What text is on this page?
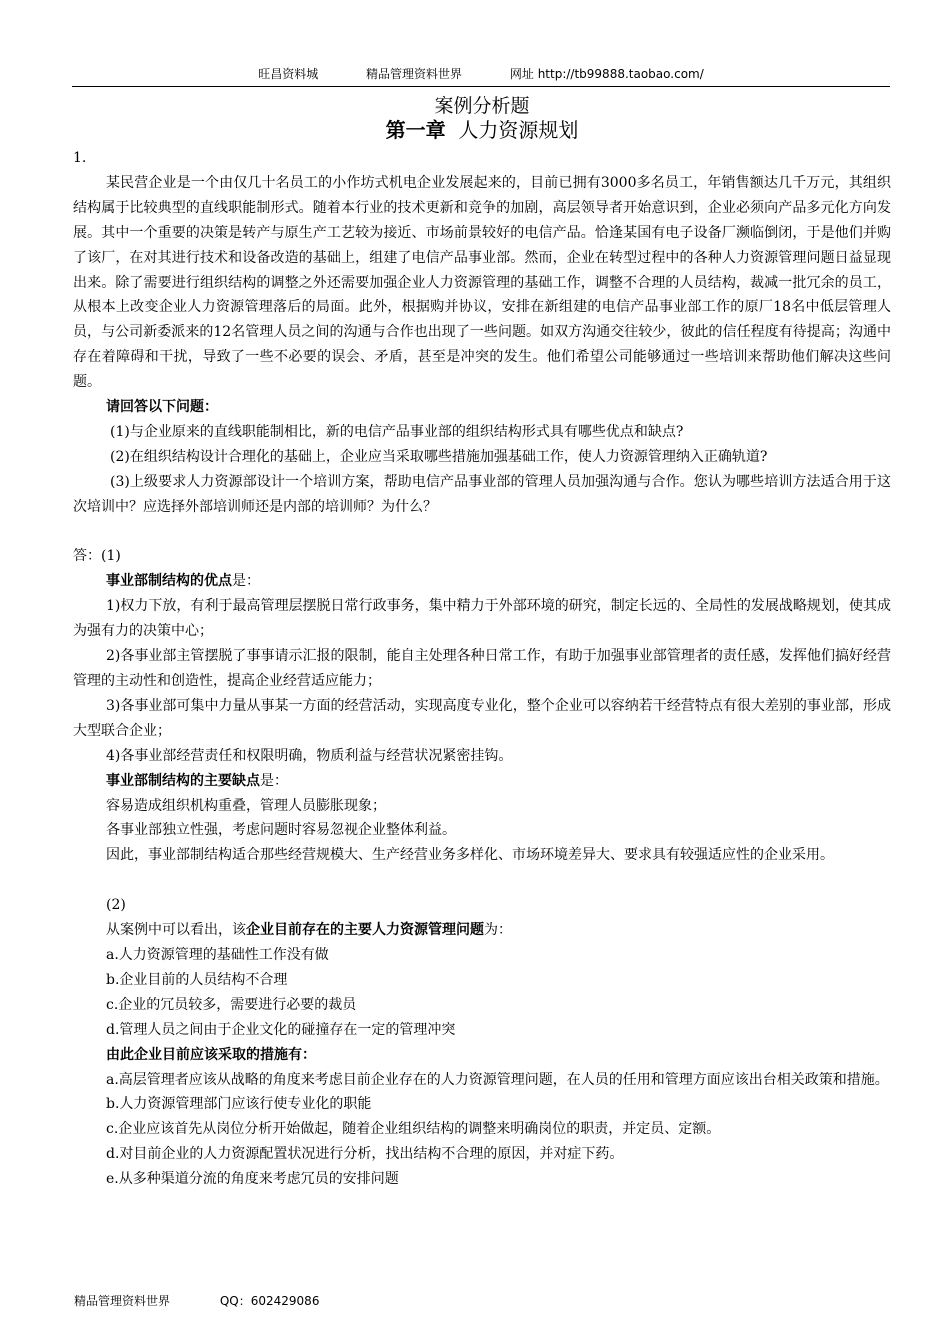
旺昌资料城	精品管理资料世界	网址 http://tb99888.taobao.com/
案例分析题
第一章 人力资源规划

1.

某民营企业是一个由仅几十名员工的小作坊式机电企业发展起来的，目前已拥有3000多名员工，年销售额达几千万元，其组织结构属于比较典型的直线职能制形式。随着本行业的技术更新和竞争的加剧，高层领导者开始意识到，企业必须向产品多元化方向发展。其中一个重要的决策是转产与原生产工艺较为接近、市场前景较好的电信产品。恰逢某国有电子设备厂濒临倒闭，于是他们并购了该厂，在对其进行技术和设备改造的基础上，组建了电信产品事业部。然而，企业在转型过程中的各种人力资源管理问题日益显现出来。除了需要进行组织结构的调整之外还需要加强企业人力资源管理的基础工作，调整不合理的人员结构，裁减一批冗余的员工，从根本上改变企业人力资源管理落后的局面。此外，根据购并协议，安排在新组建的电信产品事业部工作的原厂18名中低层管理人员，与公司新委派来的12名管理人员之间的沟通与合作也出现了一些问题。如双方沟通交往较少，彼此的信任程度有待提高；沟通中存在着障碍和干扰，导致了一些不必要的误会、矛盾，甚至是冲突的发生。他们希望公司能够通过一些培训来帮助他们解决这些问题。

请回答以下问题：

(1)与企业原来的直线职能制相比，新的电信产品事业部的组织结构形式具有哪些优点和缺点?

(2)在组织结构设计合理化的基础上，企业应当采取哪些措施加强基础工作，使人力资源管理纳入正确轨道?

(3)上级要求人力资源部设计一个培训方案，帮助电信产品事业部的管理人员加强沟通与合作。您认为哪些培训方法适合用于这次培训中？应选择外部培训师还是内部的培训师？为什么？

答：(1)

事业部制结构的优点是：

1)权力下放，有利于最高管理层摆脱日常行政事务，集中精力于外部环境的研究，制定长远的、全局性的发展战略规划，使其成为强有力的决策中心；

2)各事业部主管摆脱了事事请示汇报的限制，能自主处理各种日常工作，有助于加强事业部管理者的责任感，发挥他们搞好经营管理的主动性和创造性，提高企业经营适应能力；

3)各事业部可集中力量从事某一方面的经营活动，实现高度专业化，整个企业可以容纳若干经营特点有很大差别的事业部，形成大型联合企业；

4)各事业部经营责任和权限明确，物质利益与经营状况紧密挂钩。

事业部制结构的主要缺点是：

容易造成组织机构重叠，管理人员膨胀现象；

各事业部独立性强，考虑问题时容易忽视企业整体利益。

因此，事业部制结构适合那些经营规模大、生产经营业务多样化、市场环境差异大、要求具有较强适应性的企业采用。

(2)

从案例中可以看出，该企业目前存在的主要人力资源管理问题为：

a.人力资源管理的基础性工作没有做

b.企业目前的人员结构不合理

c.企业的冗员较多，需要进行必要的裁员

d.管理人员之间由于企业文化的碰撞存在一定的管理冲突

由此企业目前应该采取的措施有：

a.高层管理者应该从战略的角度来考虑目前企业存在的人力资源管理问题，在人员的任用和管理方面应该出台相关政策和措施。

b.人力资源管理部门应该行使专业化的职能

c.企业应该首先从岗位分析开始做起，随着企业组织结构的调整来明确岗位的职责，并定员、定额。

d.对目前企业的人力资源配置状况进行分析，找出结构不合理的原因，并对症下药。

e.从多种渠道分流的角度来考虑冗员的安排问题

精品管理资料世界	QQ：602429086
